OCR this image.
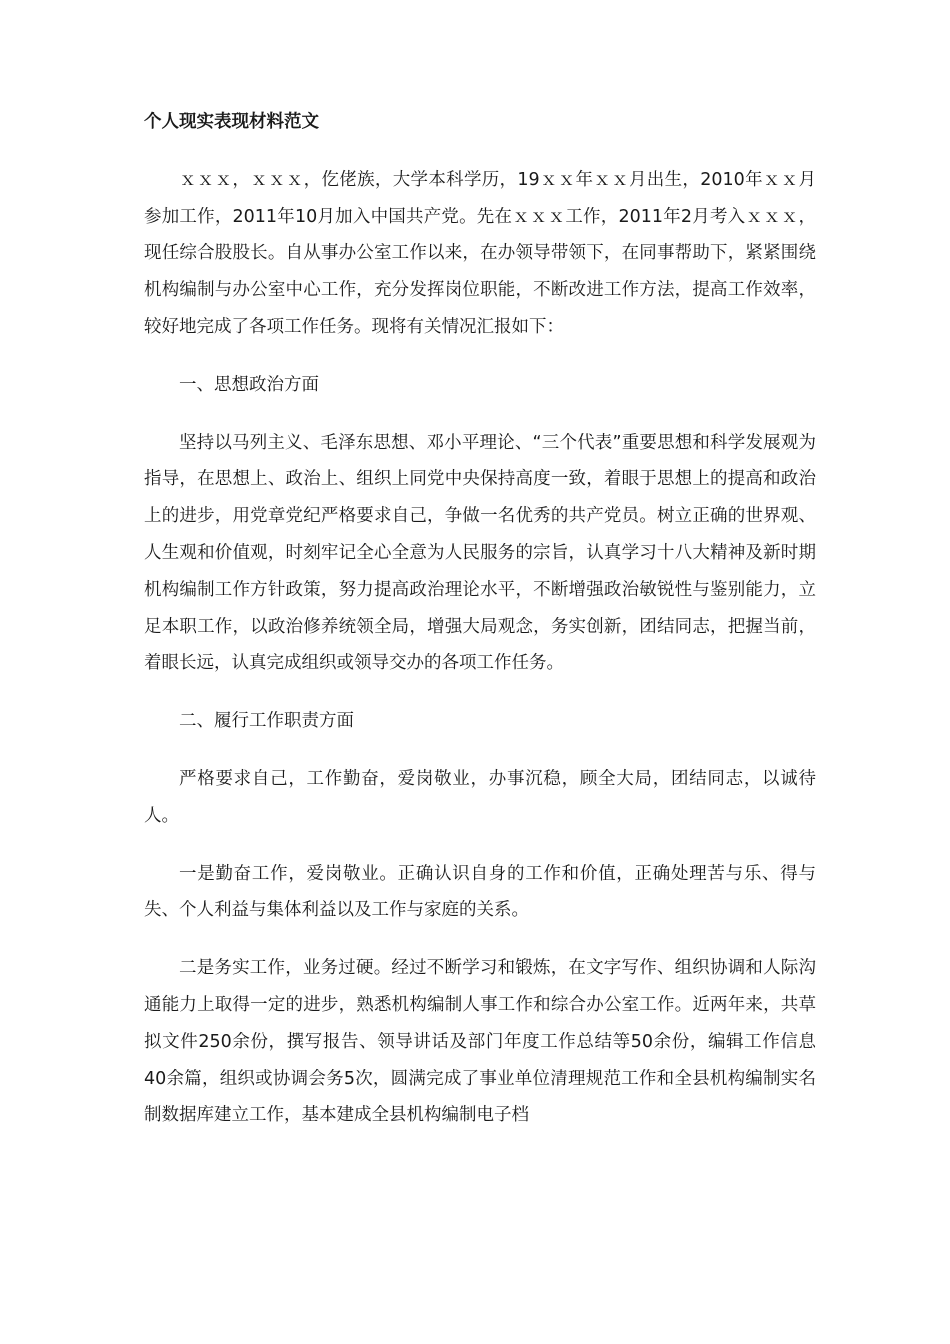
个人现实表现材料范文
ｘｘｘ，ｘｘｘ，仡佬族，大学本科学历，19ｘｘ年ｘｘ月出生，2010年ｘｘ月参加工作，2011年10月加入中国共产党。先在ｘｘｘ工作，2011年2月考入ｘｘｘ，现任综合股股长。自从事办公室工作以来，在办领导带领下，在同事帮助下，紧紧围绕机构编制与办公室中心工作，充分发挥岗位职能，不断改进工作方法，提高工作效率，较好地完成了各项工作任务。现将有关情况汇报如下：
一、思想政治方面
坚持以马列主义、毛泽东思想、邓小平理论、“三个代表”重要思想和科学发展观为指导，在思想上、政治上、组织上同党中央保持高度一致，着眼于思想上的提高和政治上的进步，用党章党纪严格要求自己，争做一名优秀的共产党员。树立正确的世界观、人生观和价值观，时刻牢记全心全意为人民服务的宗旨，认真学习十八大精神及新时期机构编制工作方针政策，努力提高政治理论水平，不断增强政治敏锐性与鉴别能力，立足本职工作，以政治修养统领全局，增强大局观念，务实创新，团结同志，把握当前，着眼长远，认真完成组织或领导交办的各项工作任务。
二、履行工作职责方面
严格要求自己，工作勤奋，爱岗敬业，办事沉稳，顾全大局，团结同志，以诚待人。
一是勤奋工作，爱岗敬业。正确认识自身的工作和价值，正确处理苦与乐、得与失、个人利益与集体利益以及工作与家庭的关系。
二是务实工作，业务过硬。经过不断学习和锻炼，在文字写作、组织协调和人际沟通能力上取得一定的进步，熟悉机构编制人事工作和综合办公室工作。近两年来，共草拟文件250余份，撰写报告、领导讲话及部门年度工作总结等50余份，编辑工作信息40余篇，组织或协调会务5次，圆满完成了事业单位清理规范工作和全县机构编制实名制数据库建立工作，基本建成全县机构编制电子档
